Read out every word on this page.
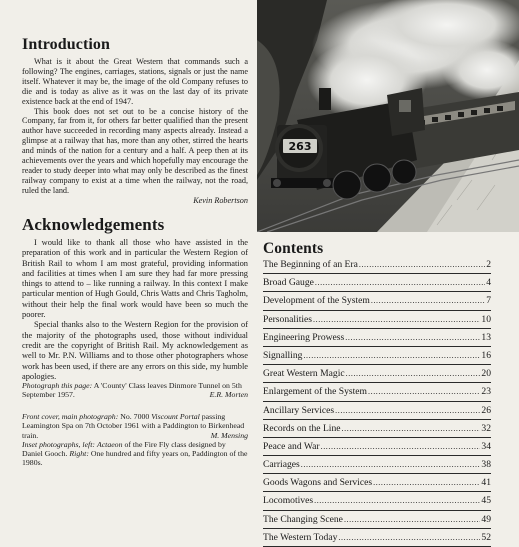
Introduction

What is it about the Great Western that commands such a following? The engines, carriages, stations, signals or just the name itself. Whatever it may be, the image of the old Company refuses to die and is today as alive as it was on the last day of its private existence back at the end of 1947.

This book does not set out to be a concise history of the Company, far from it, for others far better qualified than the present author have succeeded in recording many aspects already. Instead a glimpse at a railway that has, more than any other, stirred the hearts and minds of the nation for a century and a half. A peep then at its achievements over the years and which hopefully may encourage the reader to study deeper into what may only be described as the finest railway company to exist at a time when the railway, not the road, ruled the land.

Kevin Robertson

Acknowledgements

I would like to thank all those who have assisted in the preparation of this work and in particular the Western Region of British Rail to whom I am most grateful, providing information and facilities at times when I am sure they had far more pressing things to attend to – like running a railway. In this context I make particular mention of Hugh Gould, Chris Watts and Chris Tagholm, without their help the final work would have been so much the poorer.

Special thanks also to the Western Region for the provision of the majority of the photographs used, those without individual credit are the copyright of British Rail. My acknowledgement as well to Mr. P.N. Williams and to those other photographers whose work has been used, if there are any errors on this side, my humble apologies.

Photograph this page: A 'County' Class leaves Dinmore Tunnel on 5th September 1957.	E.R. Morten

Front cover, main photograph: No. 7000 Viscount Portal passing Leamington Spa on 7th October 1961 with a Paddington to Birkenhead train.	M. Mensing

Inset photographs, left: Actaeon of the Fire Fly class designed by Daniel Gooch. Right: One hundred and fifty years on, Paddington of the 1980s.

263
Contents
The Beginning of an Era .....	2
Broad Gauge .....	4
Development of the System .....	7
Personalities .....	10
Engineering Prowess .....	13
Signalling .....	16
Great Western Magic .....	20
Enlargement of the System .....	23
Ancillary Services .....	26
Records on the Line .....	32
Peace and War .....	34
Carriages .....	38
Goods Wagons and Services .....	41
Locomotives .....	45
The Changing Scene .....	49
The Western Today .....	52
